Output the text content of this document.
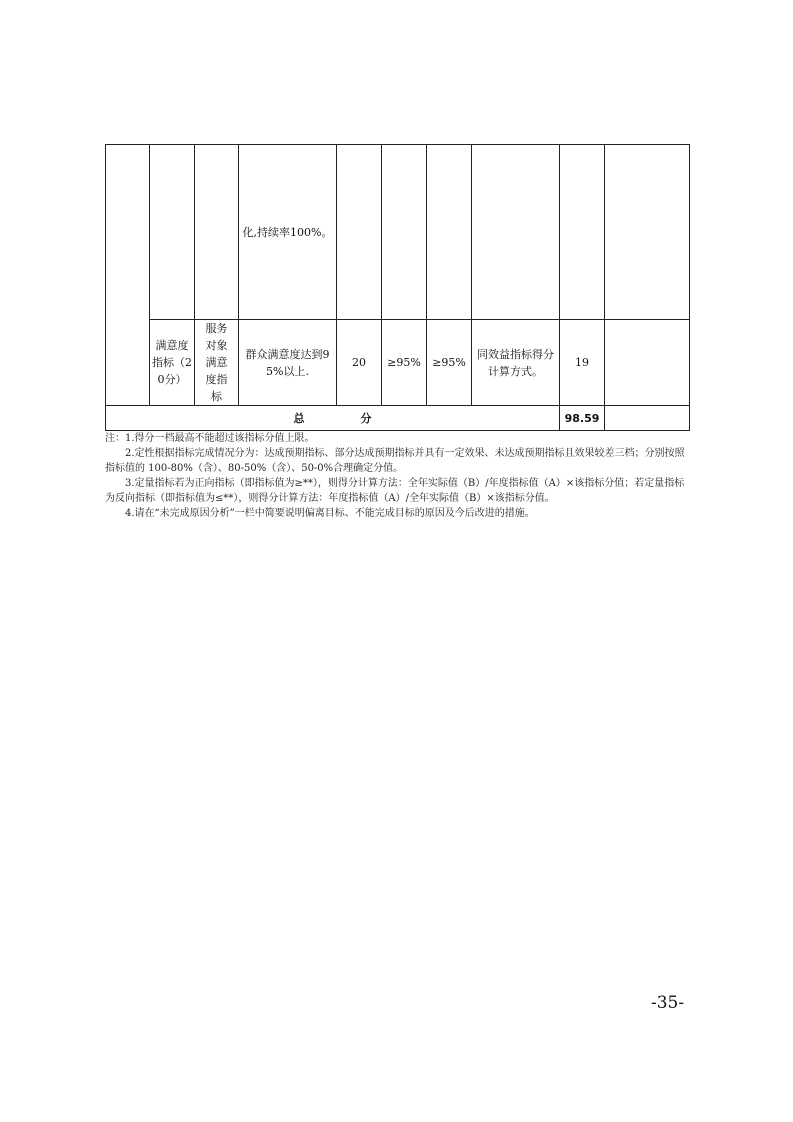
			化,持续率100%。						
	满意度指标（20分）	服务对象满意度指标	群众满意度达到95%以上.	20	≥95%	≥95%	同效益指标得分计算方式。	19	
总 分								98.59	

注：1.得分一档最高不能超过该指标分值上限。

2.定性根据指标完成情况分为：达成预期指标、部分达成预期指标并具有一定效果、未达成预期指标且效果较差三档；分别按照指标值的 100-80%（含）、80-50%（含）、50-0%合理确定分值。

3.定量指标若为正向指标（即指标值为≥**），则得分计算方法：全年实际值（B）/年度指标值（A）×该指标分值；若定量指标为反向指标（即指标值为≤**），则得分计算方法：年度指标值（A）/全年实际值（B）×该指标分值。

4.请在“未完成原因分析”一栏中简要说明偏离目标、不能完成目标的原因及今后改进的措施。

-35-
